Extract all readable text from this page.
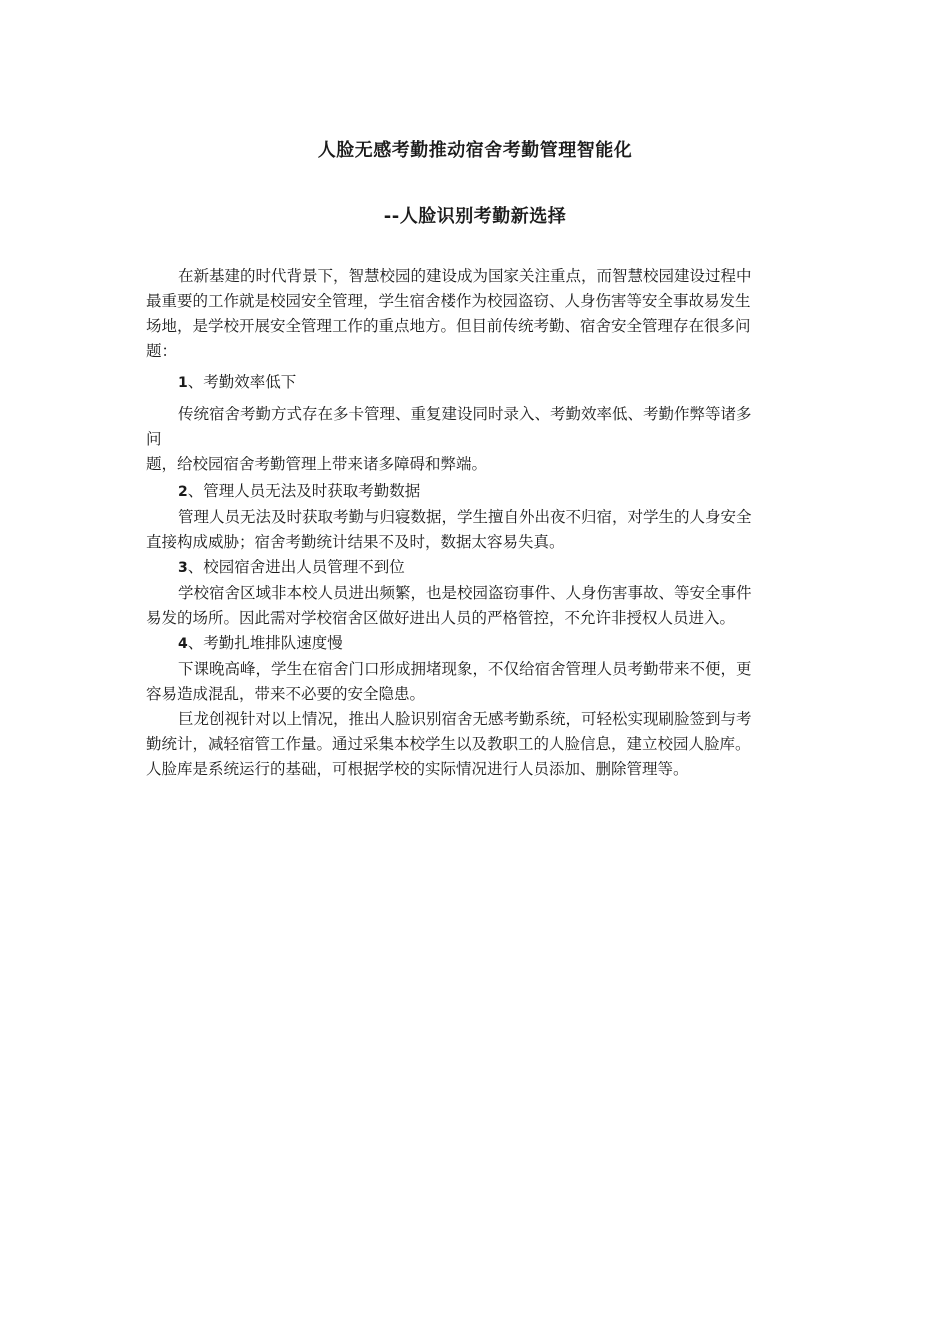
人脸无感考勤推动宿舍考勤管理智能化
--人脸识别考勤新选择

在新基建的时代背景下，智慧校园的建设成为国家关注重点，而智慧校园建设过程中

最重要的工作就是校园安全管理，学生宿舍楼作为校园盗窃、人身伤害等安全事故易发生

场地，是学校开展安全管理工作的重点地方。但目前传统考勤、宿舍安全管理存在很多问

题：

1、考勤效率低下

传统宿舍考勤方式存在多卡管理、重复建设同时录入、考勤效率低、考勤作弊等诸多

问

题，给校园宿舍考勤管理上带来诸多障碍和弊端。

2、管理人员无法及时获取考勤数据

管理人员无法及时获取考勤与归寝数据，学生擅自外出夜不归宿，对学生的人身安全

直接构成威胁；宿舍考勤统计结果不及时，数据太容易失真。

3、校园宿舍进出人员管理不到位

学校宿舍区域非本校人员进出频繁，也是校园盗窃事件、人身伤害事故、等安全事件

易发的场所。因此需对学校宿舍区做好进出人员的严格管控，不允许非授权人员进入。

4、考勤扎堆排队速度慢

下课晚高峰，学生在宿舍门口形成拥堵现象，不仅给宿舍管理人员考勤带来不便，更

容易造成混乱，带来不必要的安全隐患。

巨龙创视针对以上情况，推出人脸识别宿舍无感考勤系统，可轻松实现刷脸签到与考

勤统计，减轻宿管工作量。通过采集本校学生以及教职工的人脸信息，建立校园人脸库。

人脸库是系统运行的基础，可根据学校的实际情况进行人员添加、删除管理等。
